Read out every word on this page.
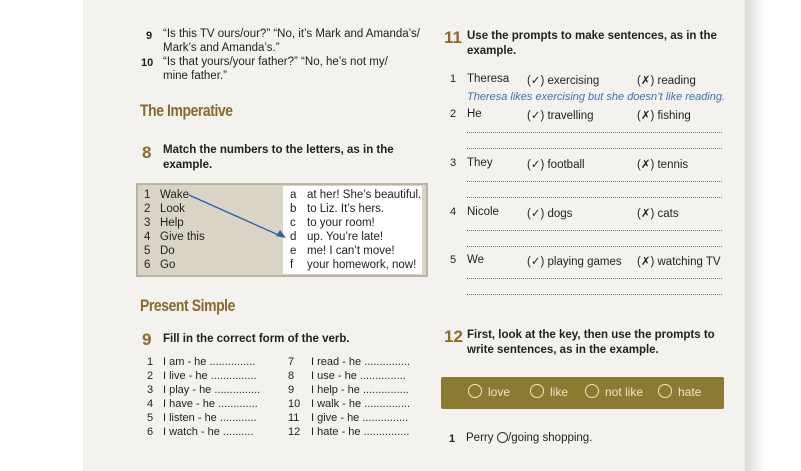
9 “Is this TV ours/our?” “No, it’s Mark and Amanda’s/
Mark’s and Amanda’s.”
10 “Is that yours/your father?” “No, he’s not my/
mine father.”
The Imperative
8 Match the numbers to the letters, as in the
example.
1 Wake
2 Look
3 Help
4 Give this
5 Do
6 Go
a at her! She’s beautiful.
b to Liz. It’s hers.
c to your room!
d up. You’re late!
e me! I can’t move!
f your homework, now!
Present Simple
9 Fill in the correct form of the verb.
1 I am - he ...............
2 I live - he ...............
3 I play - he ...............
4 I have - he .............
5 I listen - he ............
6 I watch - he ..........
7 I read - he ...............
8 I use - he ...............
9 I help - he ...............
10 I walk - he ...............
11 I give - he ...............
12 I hate - he ...............
11 Use the prompts to make sentences, as in the
example.
1 Theresa (✓) exercising	(✗) reading
2 He	(✓) travelling	(✗) fishing
3 They	(✓) football	(✗) tennis
4 Nicole (✓) dogs	(✗) cats
5 We	(✓) playing games (✗) watching TV
Theresa likes exercising but she doesn’t like reading.
12 First, look at the key, then use the prompts to
write sentences, as in the example.
love	like	not like	hate
1 Perry /going shopping.
